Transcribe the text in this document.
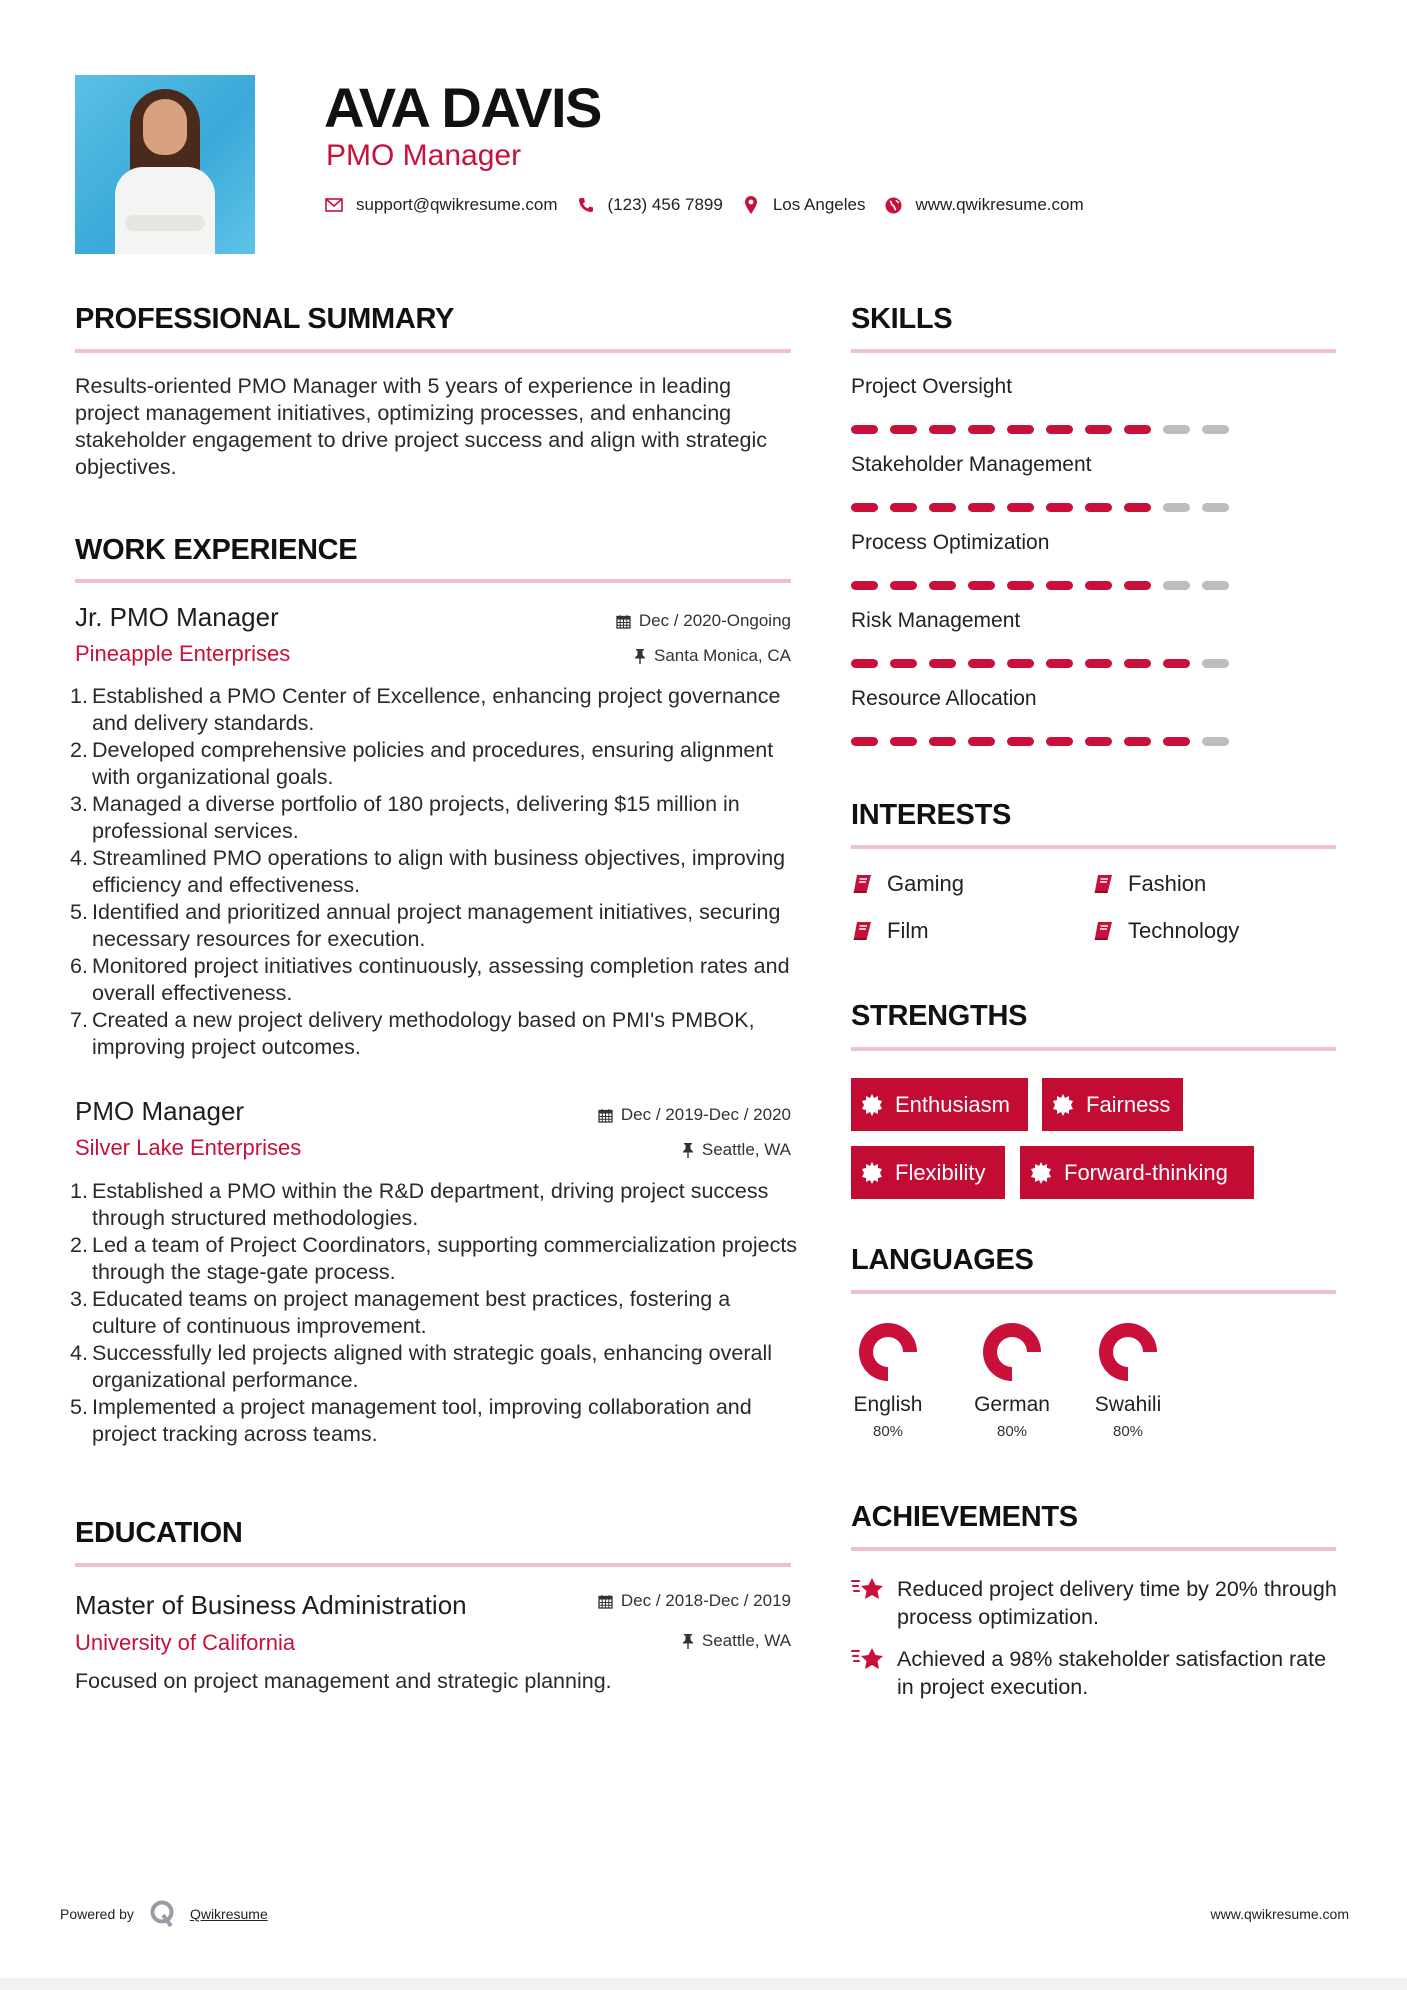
AVA DAVIS
PMO Manager
support@qwikresume.com	(123) 456 7899	Los Angeles	www.qwikresume.com
PROFESSIONAL SUMMARY
Results-oriented PMO Manager with 5 years of experience in leading project management initiatives, optimizing processes, and enhancing stakeholder engagement to drive project success and align with strategic objectives.
WORK EXPERIENCE
Jr. PMO Manager	Dec / 2020-Ongoing
Pineapple Enterprises	Santa Monica, CA
1. Established a PMO Center of Excellence, enhancing project governance and delivery standards.
2. Developed comprehensive policies and procedures, ensuring alignment with organizational goals.
3. Managed a diverse portfolio of 180 projects, delivering $15 million in professional services.
4. Streamlined PMO operations to align with business objectives, improving efficiency and effectiveness.
5. Identified and prioritized annual project management initiatives, securing necessary resources for execution.
6. Monitored project initiatives continuously, assessing completion rates and overall effectiveness.
7. Created a new project delivery methodology based on PMI's PMBOK, improving project outcomes.
PMO Manager	Dec / 2019-Dec / 2020
Silver Lake Enterprises	Seattle, WA
1. Established a PMO within the R&D department, driving project success through structured methodologies.
2. Led a team of Project Coordinators, supporting commercialization projects through the stage-gate process.
3. Educated teams on project management best practices, fostering a culture of continuous improvement.
4. Successfully led projects aligned with strategic goals, enhancing overall organizational performance.
5. Implemented a project management tool, improving collaboration and project tracking across teams.
EDUCATION
Master of Business Administration	Dec / 2018-Dec / 2019
University of California	Seattle, WA
Focused on project management and strategic planning.
SKILLS
Project Oversight
Stakeholder Management
Process Optimization
Risk Management
Resource Allocation
INTERESTS
Gaming	Fashion
Film	Technology
STRENGTHS
Enthusiasm	Fairness
Flexibility	Forward-thinking
LANGUAGES
English
80%
German
80%
Swahili
80%
ACHIEVEMENTS
Reduced project delivery time by 20% through process optimization.
Achieved a 98% stakeholder satisfaction rate in project execution.
Powered by	Qwikresume	www.qwikresume.com
